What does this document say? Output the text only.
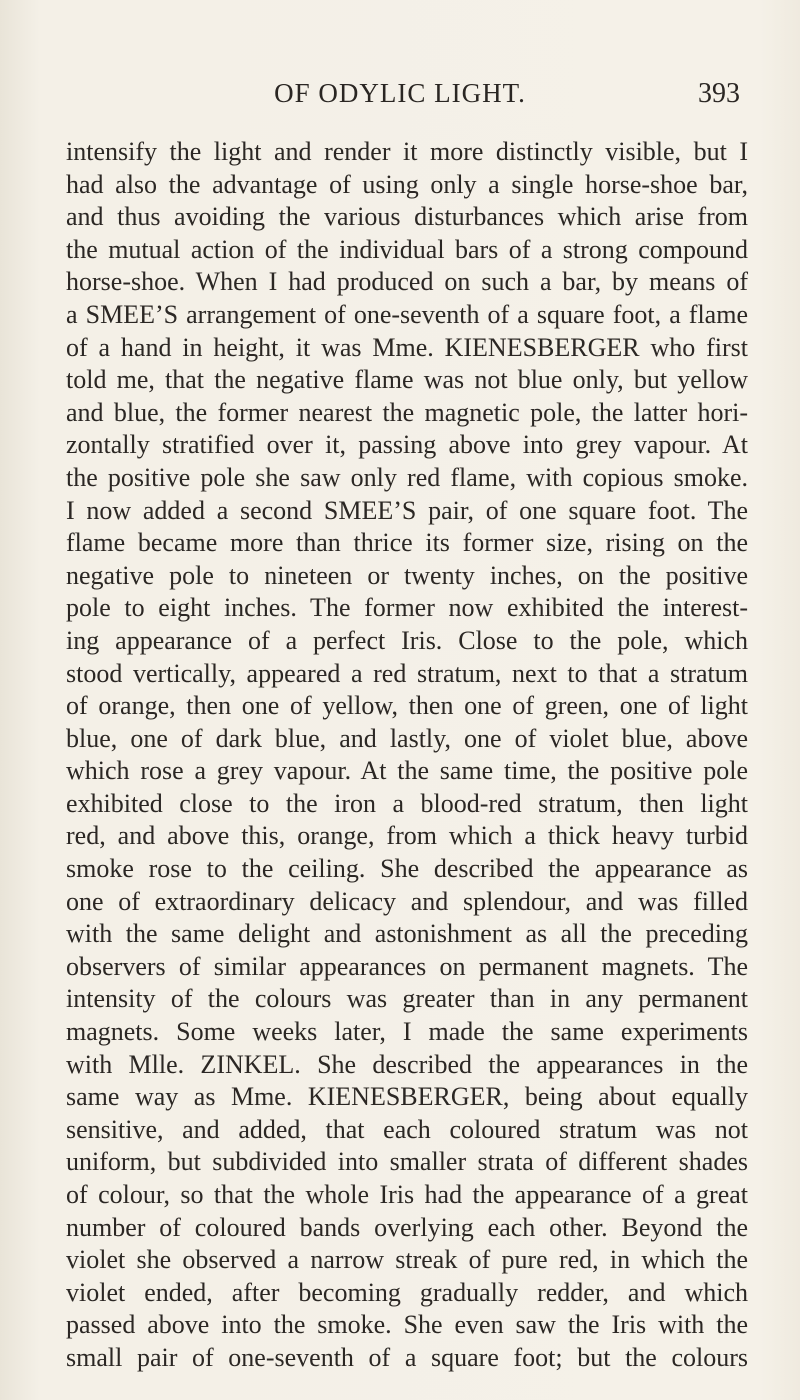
OF ODYLIC LIGHT.	393
intensify the light and render it more distinctly visible, but I
had also the advantage of using only a single horse-shoe bar,
and thus avoiding the various disturbances which arise from
the mutual action of the individual bars of a strong compound
horse-shoe. When I had produced on such a bar, by means of
a SMEE’S arrangement of one-seventh of a square foot, a flame
of a hand in height, it was Mme. KIENESBERGER who first
told me, that the negative flame was not blue only, but yellow
and blue, the former nearest the magnetic pole, the latter hori-
zontally stratified over it, passing above into grey vapour. At
the positive pole she saw only red flame, with copious smoke.
I now added a second SMEE’S pair, of one square foot. The
flame became more than thrice its former size, rising on the
negative pole to nineteen or twenty inches, on the positive
pole to eight inches. The former now exhibited the interest-
ing appearance of a perfect Iris. Close to the pole, which
stood vertically, appeared a red stratum, next to that a stratum
of orange, then one of yellow, then one of green, one of light
blue, one of dark blue, and lastly, one of violet blue, above
which rose a grey vapour. At the same time, the positive pole
exhibited close to the iron a blood-red stratum, then light
red, and above this, orange, from which a thick heavy turbid
smoke rose to the ceiling. She described the appearance as
one of extraordinary delicacy and splendour, and was filled
with the same delight and astonishment as all the preceding
observers of similar appearances on permanent magnets. The
intensity of the colours was greater than in any permanent
magnets. Some weeks later, I made the same experiments
with Mlle. ZINKEL. She described the appearances in the
same way as Mme. KIENESBERGER, being about equally
sensitive, and added, that each coloured stratum was not
uniform, but subdivided into smaller strata of different shades
of colour, so that the whole Iris had the appearance of a great
number of coloured bands overlying each other. Beyond the
violet she observed a narrow streak of pure red, in which the
violet ended, after becoming gradually redder, and which
passed above into the smoke. She even saw the Iris with the
small pair of one-seventh of a square foot; but the colours
